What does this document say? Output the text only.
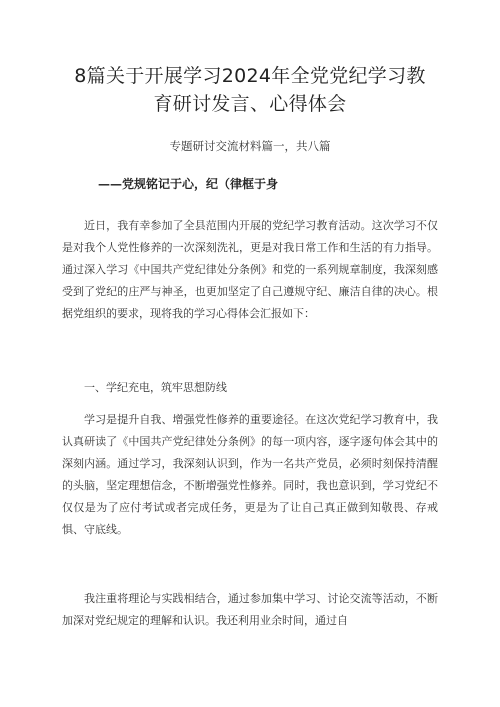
8篇关于开展学习2024年全党党纪学习教
育研讨发言、心得体会
专题研讨交流材料篇一，共八篇
——党规铭记于心，纪（律框于身

近日，我有幸参加了全县范围内开展的党纪学习教育活动。这次学习不仅是对我个人党性修养的一次深刻洗礼，更是对我日常工作和生活的有力指导。通过深入学习《中国共产党纪律处分条例》和党的一系列规章制度，我深刻感受到了党纪的庄严与神圣，也更加坚定了自己遵规守纪、廉洁自律的决心。根据党组织的要求，现将我的学习心得体会汇报如下：

一、学纪充电，筑牢思想防线

学习是提升自我、增强党性修养的重要途径。在这次党纪学习教育中，我认真研读了《中国共产党纪律处分条例》的每一项内容，逐字逐句体会其中的深刻内涵。通过学习，我深刻认识到，作为一名共产党员，必须时刻保持清醒的头脑，坚定理想信念，不断增强党性修养。同时，我也意识到，学习党纪不仅仅是为了应付考试或者完成任务，更是为了让自己真正做到知敬畏、存戒惧、守底线。

我注重将理论与实践相结合，通过参加集中学习、讨论交流等活动，不断加深对党纪规定的理解和认识。我还利用业余时间，通过自
